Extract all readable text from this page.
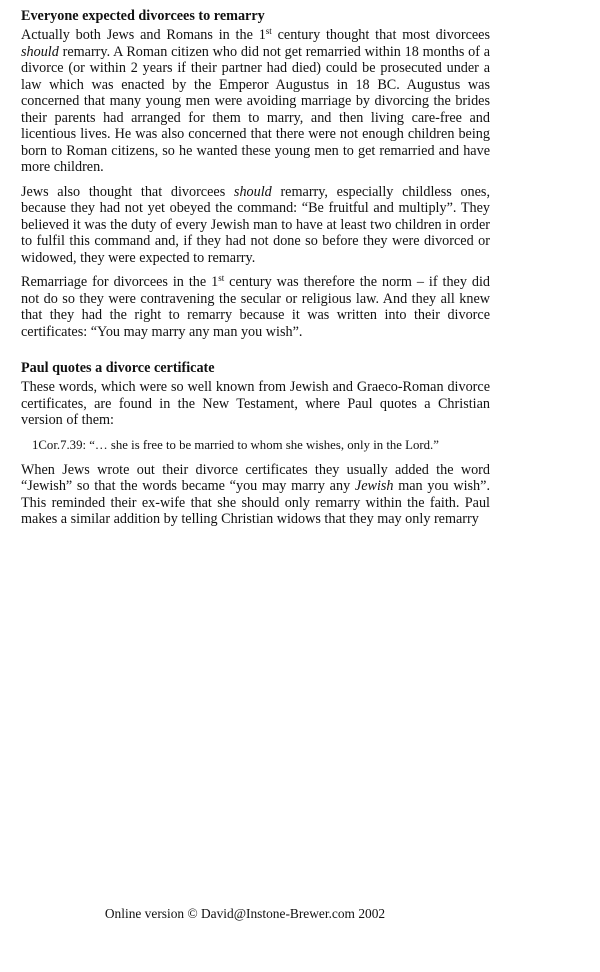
Everyone expected divorcees to remarry

Actually both Jews and Romans in the 1st century thought that most divorcees should remarry. A Roman citizen who did not get remarried within 18 months of a divorce (or within 2 years if their partner had died) could be prosecuted under a law which was enacted by the Emperor Augustus in 18 BC. Augustus was concerned that many young men were avoiding marriage by divorcing the brides their parents had arranged for them to marry, and then living care-free and licentious lives. He was also concerned that there were not enough children being born to Roman citizens, so he wanted these young men to get remarried and have more children.

Jews also thought that divorcees should remarry, especially childless ones, because they had not yet obeyed the command: “Be fruitful and multiply”. They believed it was the duty of every Jewish man to have at least two children in order to fulfil this command and, if they had not done so before they were divorced or widowed, they were expected to remarry.

Remarriage for divorcees in the 1st century was therefore the norm – if they did not do so they were contravening the secular or religious law. And they all knew that they had the right to remarry because it was written into their divorce certificates: “You may marry any man you wish”.

Paul quotes a divorce certificate

These words, which were so well known from Jewish and Graeco-Roman divorce certificates, are found in the New Testament, where Paul quotes a Christian version of them:

1Cor.7.39: “… she is free to be married to whom she wishes, only in the Lord.”

When Jews wrote out their divorce certificates they usually added the word “Jewish” so that the words became “you may marry any Jewish man you wish”. This reminded their ex-wife that she should only remarry within the faith. Paul makes a similar addition by telling Christian widows that they may only remarry

Online version © David@Instone-Brewer.com 2002
